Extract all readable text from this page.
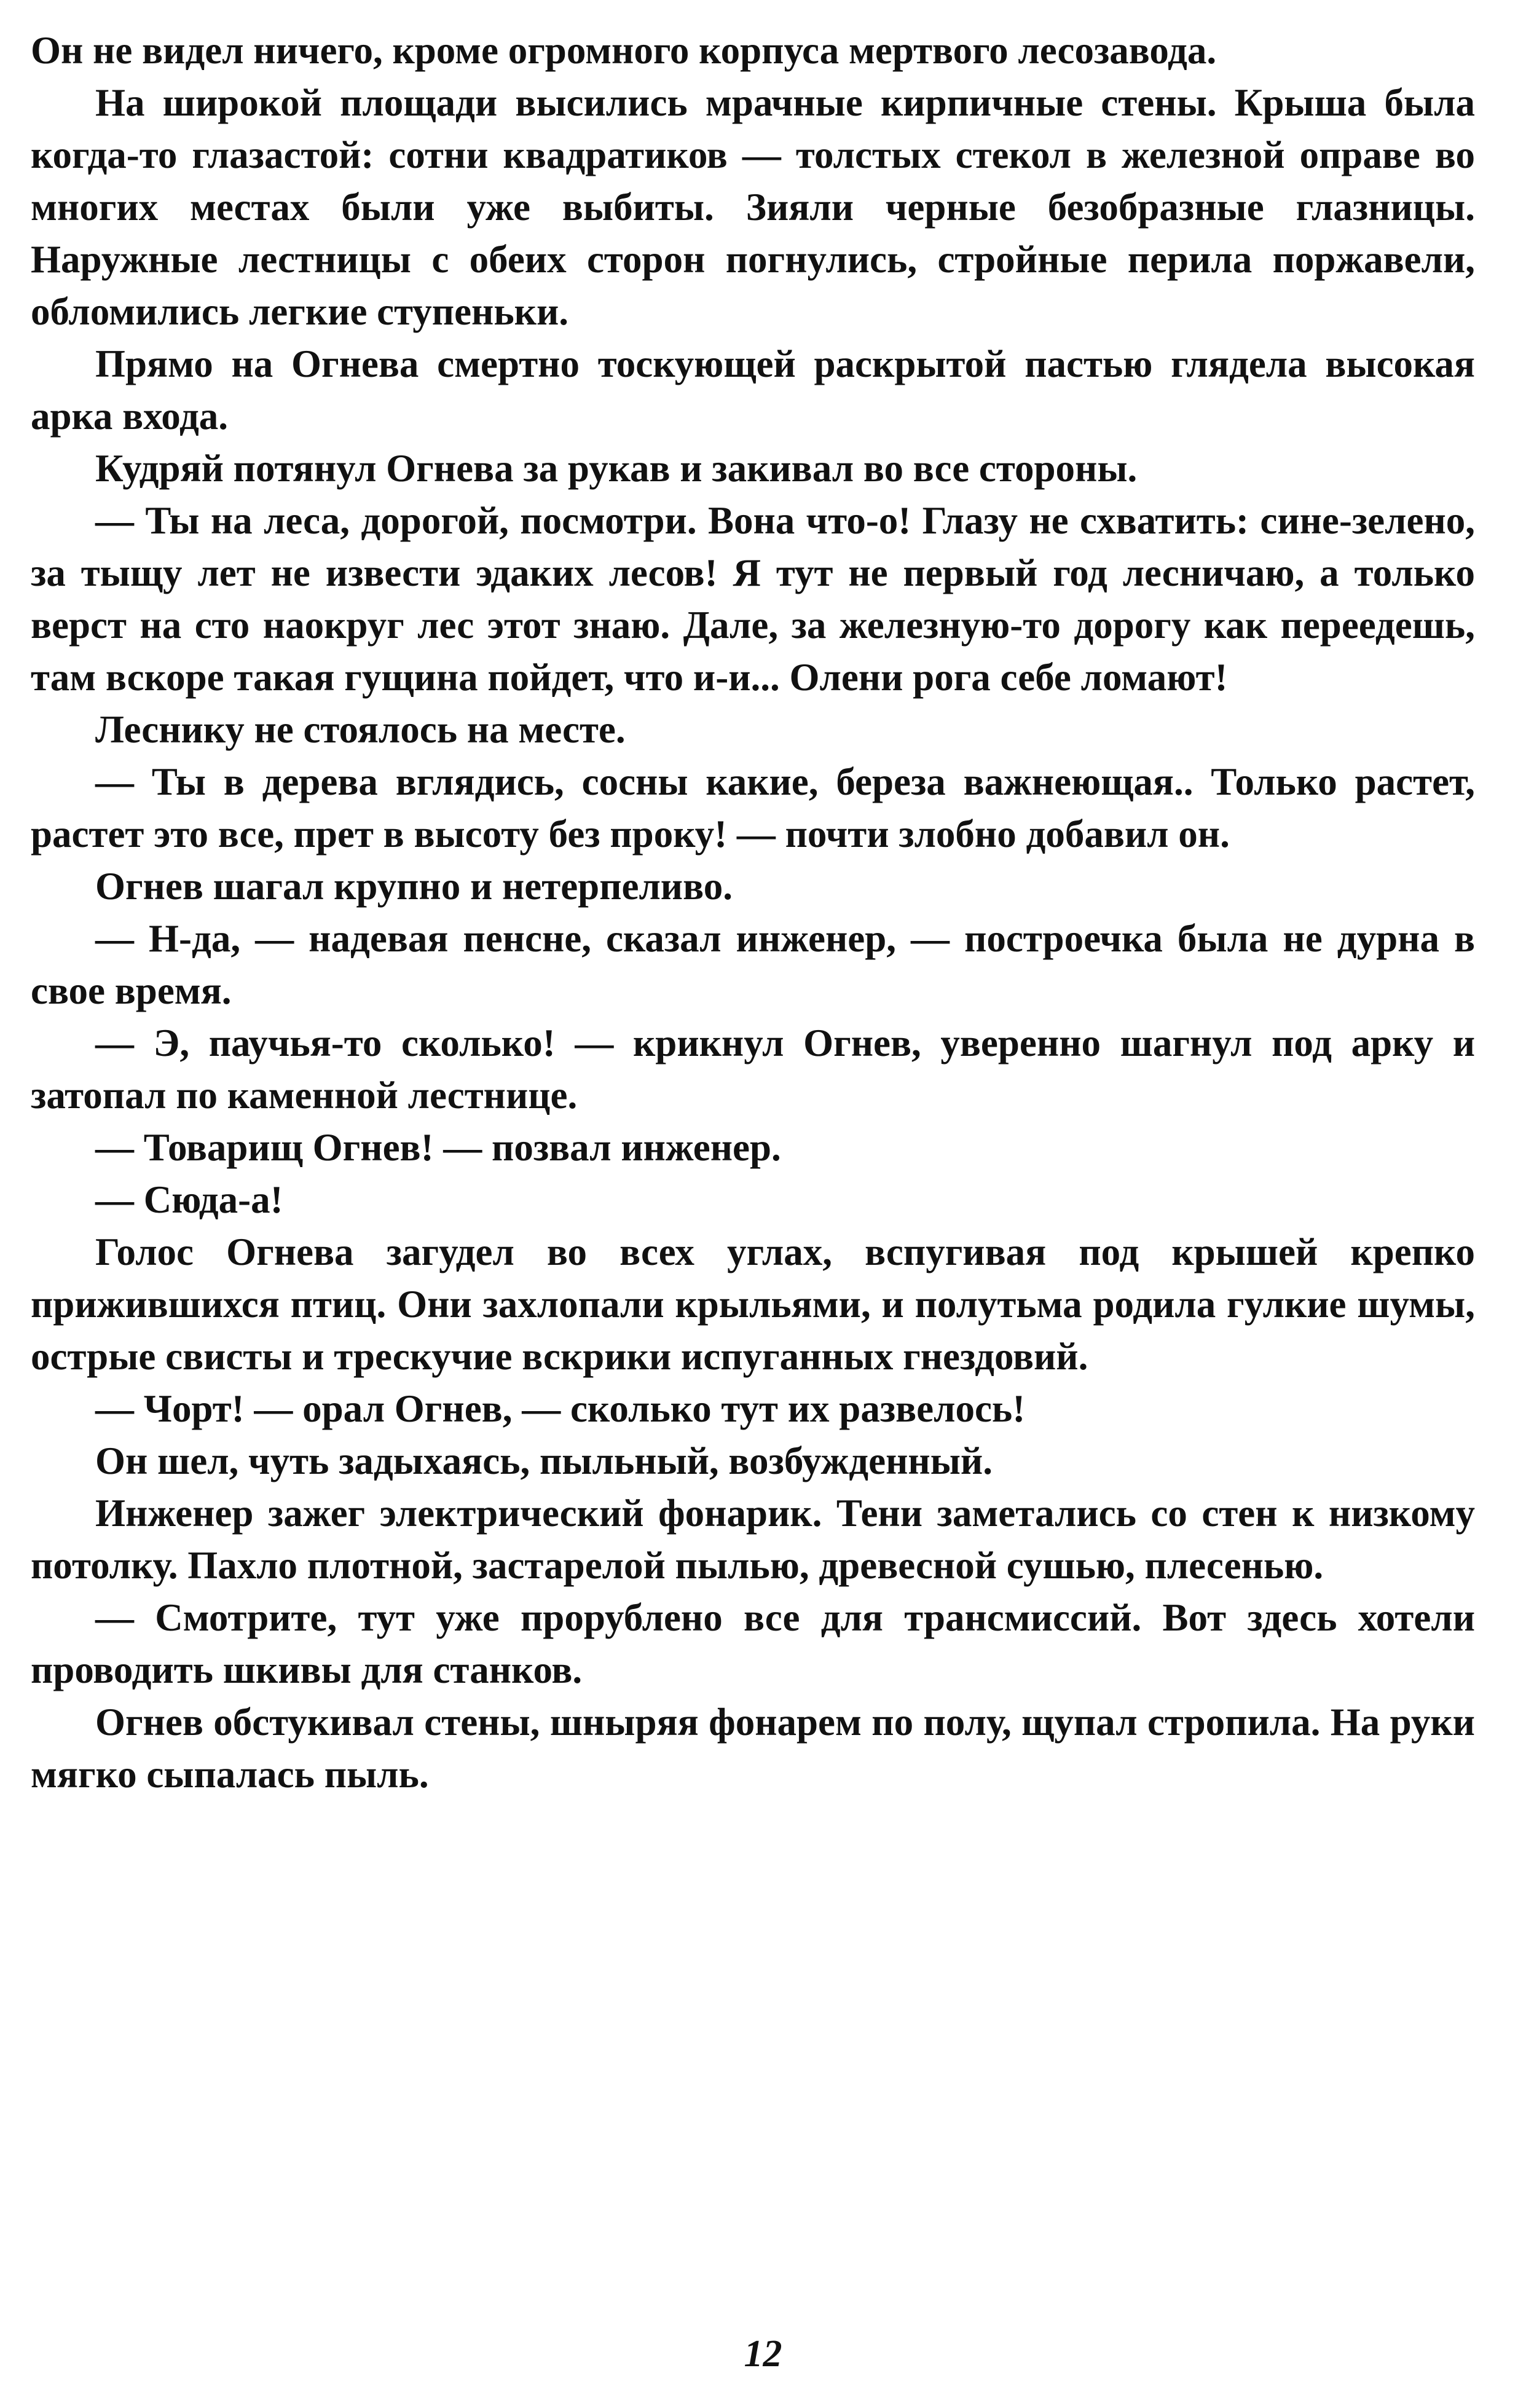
Он не видел ничего, кроме огромного корпуса мертвого лесозавода.

На широкой площади высились мрачные кирпичные стены. Крыша была когда-то глазастой: сотни квадратиков — толстых стекол в железной оправе во многих местах были уже выбиты. Зияли черные безобразные глазницы. Наружные лестницы с обеих сторон погнулись, стройные перила поржавели, обломились легкие ступеньки.

Прямо на Огнева смертно тоскующей раскрытой пастью глядела высокая арка входа.

Кудряй потянул Огнева за рукав и закивал во все стороны.

— Ты на леса, дорогой, посмотри. Вона что-о! Глазу не схватить: сине-зелено, за тыщу лет не извести эдаких лесов! Я тут не первый год лесничаю, а только верст на сто наокруг лес этот знаю. Дале, за железную-то дорогу как переедешь, там вскоре такая гущина пойдет, что и-и... Олени рога себе ломают!

Леснику не стоялось на месте.

— Ты в дерева вглядись, сосны какие, береза важнеющая.. Только растет, растет это все, прет в высоту без проку! — почти злобно добавил он.

Огнев шагал крупно и нетерпеливо.

— Н-да, — надевая пенсне, сказал инженер, — построечка была не дурна в свое время.

— Э, паучья-то сколько! — крикнул Огнев, уверенно шагнул под арку и затопал по каменной лестнице.

— Товарищ Огнев! — позвал инженер.

— Сюда-а!

Голос Огнева загудел во всех углах, вспугивая под крышей крепко прижившихся птиц. Они захлопали крыльями, и полутьма родила гулкие шумы, острые свисты и трескучие вскрики испуганных гнездовий.

— Чорт! — орал Огнев, — сколько тут их развелось!

Он шел, чуть задыхаясь, пыльный, возбужденный.

Инженер зажег электрический фонарик. Тени заметались со стен к низкому потолку. Пахло плотной, застарелой пылью, древесной сушью, плесенью.

— Смотрите, тут уже прорублено все для трансмиссий. Вот здесь хотели проводить шкивы для станков.

Огнев обстукивал стены, шныряя фонарем по полу, щупал стропила. На руки мягко сыпалась пыль.

12
